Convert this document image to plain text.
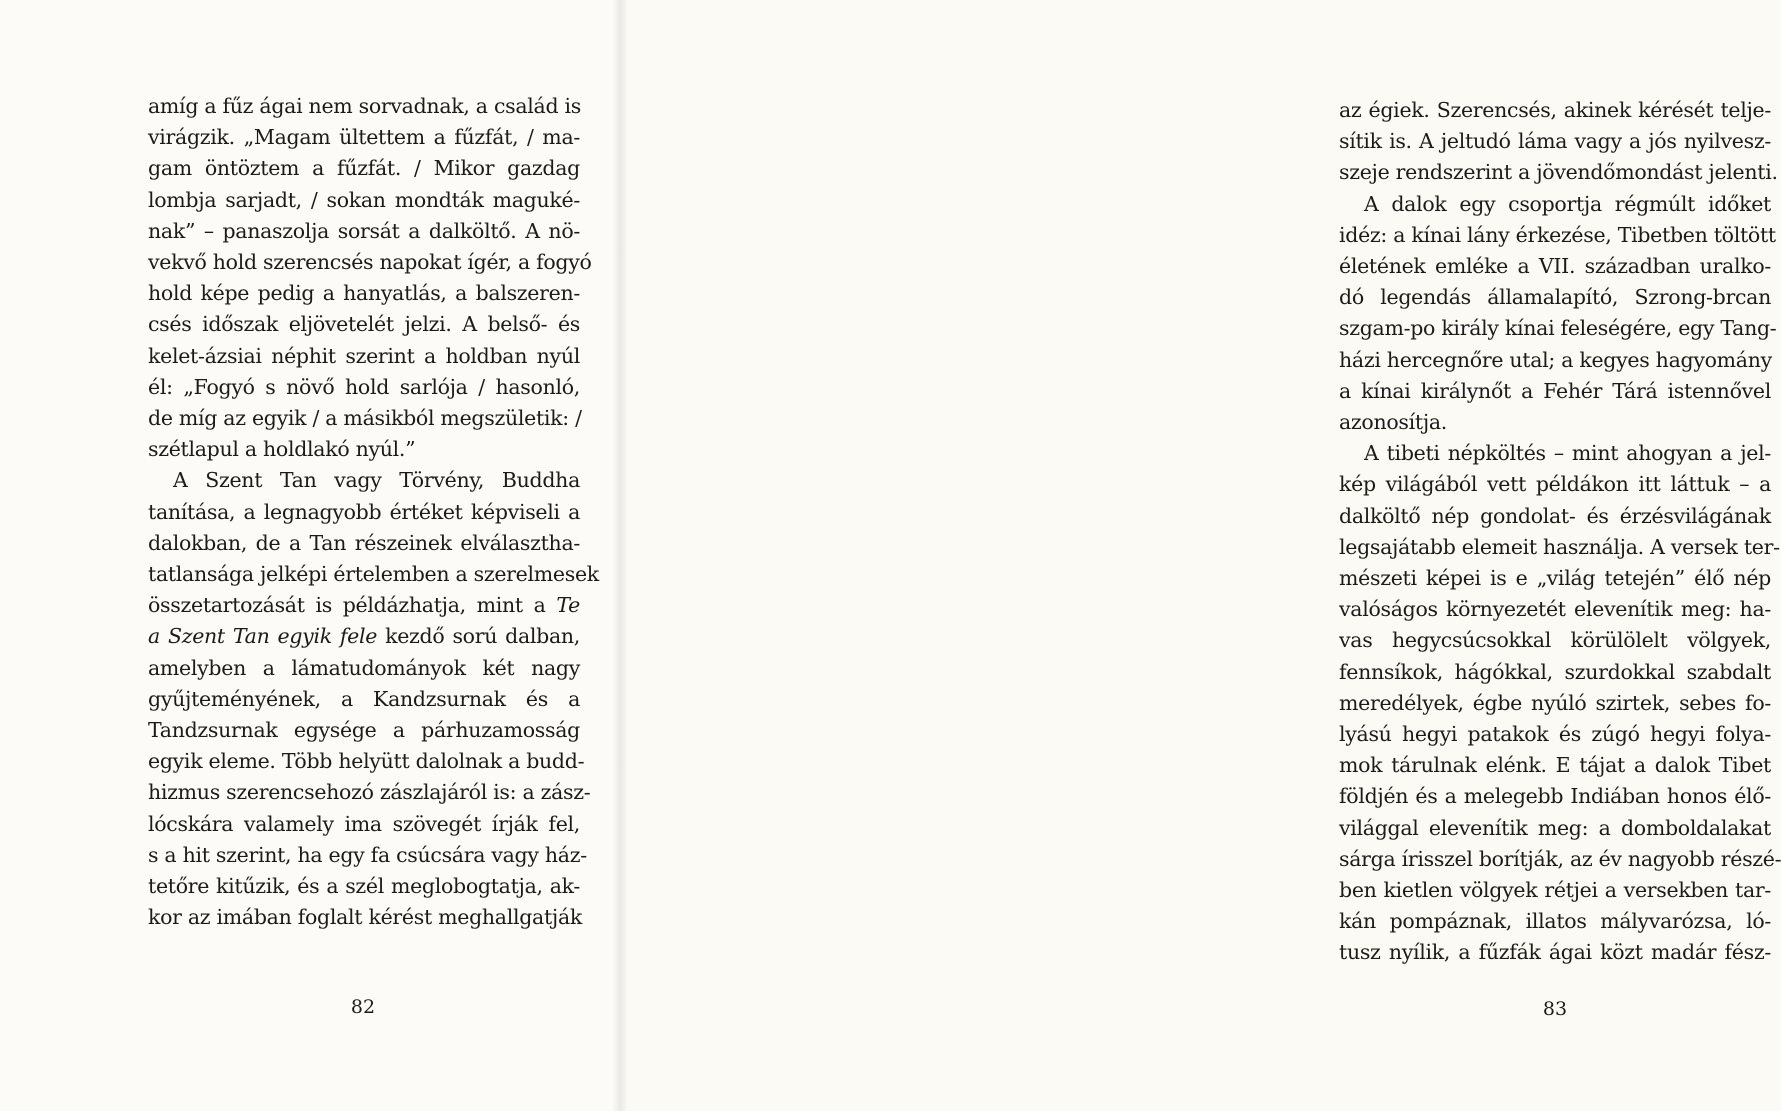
amíg a fűz ágai nem sorvadnak, a család is
virágzik. „Magam ültettem a fűzfát, / ma-
gam öntöztem a fűzfát. / Mikor gazdag
lombja sarjadt, / sokan mondták maguké-
nak” – panaszolja sorsát a dalköltő. A nö-
vekvő hold szerencsés napokat ígér, a fogyó
hold képe pedig a hanyatlás, a balszeren-
csés időszak eljövetelét jelzi. A belső- és
kelet-ázsiai néphit szerint a holdban nyúl
él: „Fogyó s növő hold sarlója / hasonló,
de míg az egyik / a másikból megszületik: /
szétlapul a holdlakó nyúl.”
A Szent Tan vagy Törvény, Buddha
tanítása, a legnagyobb értéket képviseli a
dalokban, de a Tan részeinek elválasztha-
tatlansága jelképi értelemben a szerelmesek
összetartozását is példázhatja, mint a Te
a Szent Tan egyik fele kezdő sorú dalban,
amelyben a lámatudományok két nagy
gyűjteményének, a Kandzsurnak és a
Tandzsurnak egysége a párhuzamosság
egyik eleme. Több helyütt dalolnak a budd-
hizmus szerencsehozó zászlajáról is: a zász-
lócskára valamely ima szövegét írják fel,
s a hit szerint, ha egy fa csúcsára vagy ház-
tetőre kitűzik, és a szél meglobogtatja, ak-
kor az imában foglalt kérést meghallgatják
82
az égiek. Szerencsés, akinek kérését telje-
sítik is. A jeltudó láma vagy a jós nyilvesz-
szeje rendszerint a jövendőmondást jelenti.
A dalok egy csoportja régmúlt időket
idéz: a kínai lány érkezése, Tibetben töltött
életének emléke a VII. században uralko-
dó legendás államalapító, Szrong-brcan
szgam-po király kínai feleségére, egy Tang-
házi hercegnőre utal; a kegyes hagyomány
a kínai királynőt a Fehér Tárá istennővel
azonosítja.
A tibeti népköltés – mint ahogyan a jel-
kép világából vett példákon itt láttuk – a
dalköltő nép gondolat- és érzésvilágának
legsajátabb elemeit használja. A versek ter-
mészeti képei is e „világ tetején” élő nép
valóságos környezetét elevenítik meg: ha-
vas hegycsúcsokkal körülölelt völgyek,
fennsíkok, hágókkal, szurdokkal szabdalt
meredélyek, égbe nyúló szirtek, sebes fo-
lyású hegyi patakok és zúgó hegyi folya-
mok tárulnak elénk. E tájat a dalok Tibet
földjén és a melegebb Indiában honos élő-
világgal elevenítik meg: a domboldalakat
sárga írisszel borítják, az év nagyobb részé-
ben kietlen völgyek rétjei a versekben tar-
kán pompáznak, illatos mályvarózsa, ló-
tusz nyílik, a fűzfák ágai közt madár fész-
83
